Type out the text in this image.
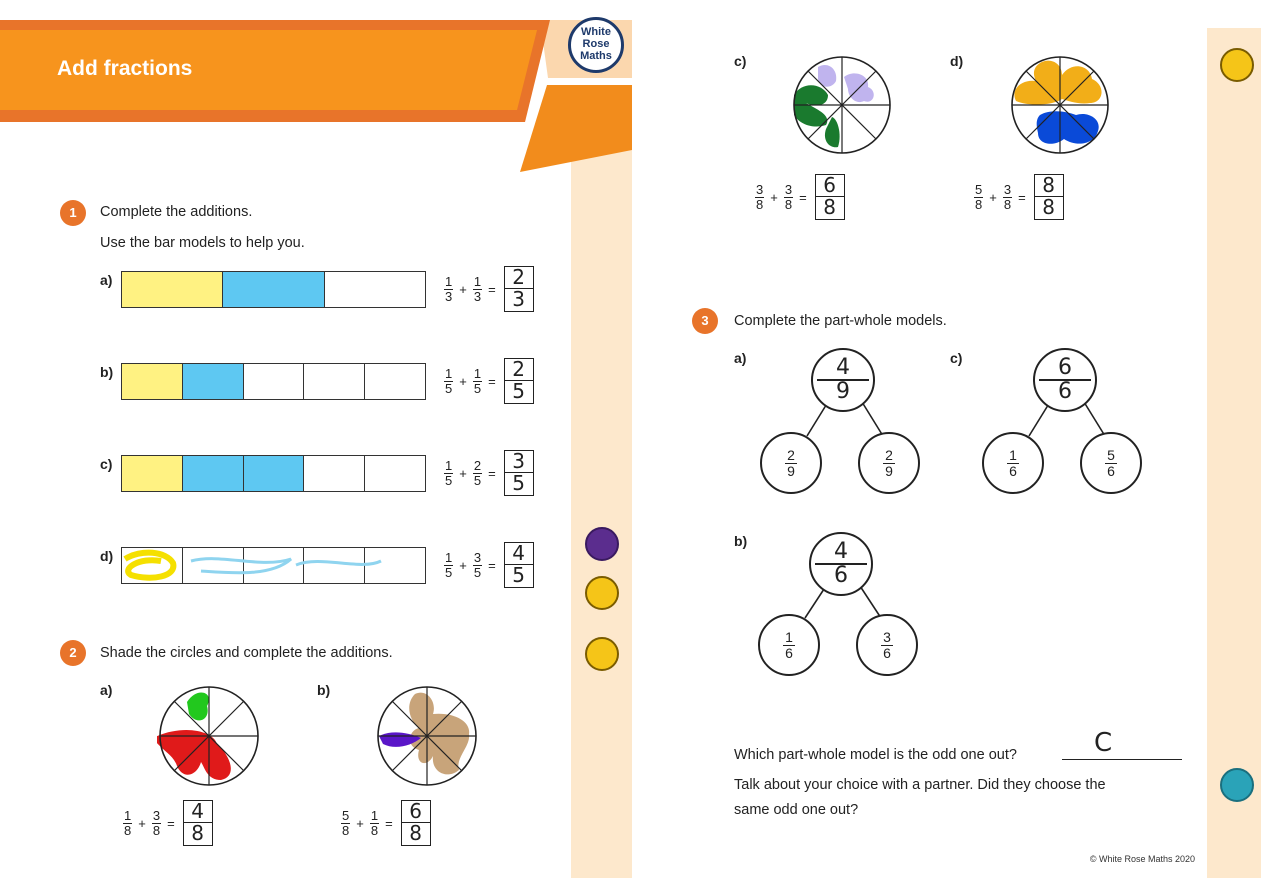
Add fractions
White
Rose
Maths
1	Complete the additions.
Use the bar models to help you.
a)	$\frac{1}{3} + \frac{1}{3} = \frac{2}{3}$
b)	$\frac{1}{5} + \frac{1}{5} = \frac{2}{5}$
c)	$\frac{1}{5} + \frac{2}{5} = \frac{3}{5}$
d)	$\frac{1}{5} + \frac{3}{5} = \frac{4}{5}$
2	Shade the circles and complete the additions.
a)
$\frac{1}{8} + \frac{3}{8} = \frac{4}{8}$
b)
$\frac{5}{8} + \frac{1}{8} = \frac{6}{8}$
c)
$\frac{3}{8} + \frac{3}{8} = \frac{6}{8}$
d)
$\frac{5}{8} + \frac{3}{8} = \frac{8}{8}$
3	Complete the part-whole models.
a)	4
9
2
9
2
9
c)	6
6
1
6
5
6
b)	4
6
1
6
3
6
Which part-whole model is the odd one out?	C
Talk about your choice with a partner. Did they choose the
same odd one out?
© White Rose Maths 2020
